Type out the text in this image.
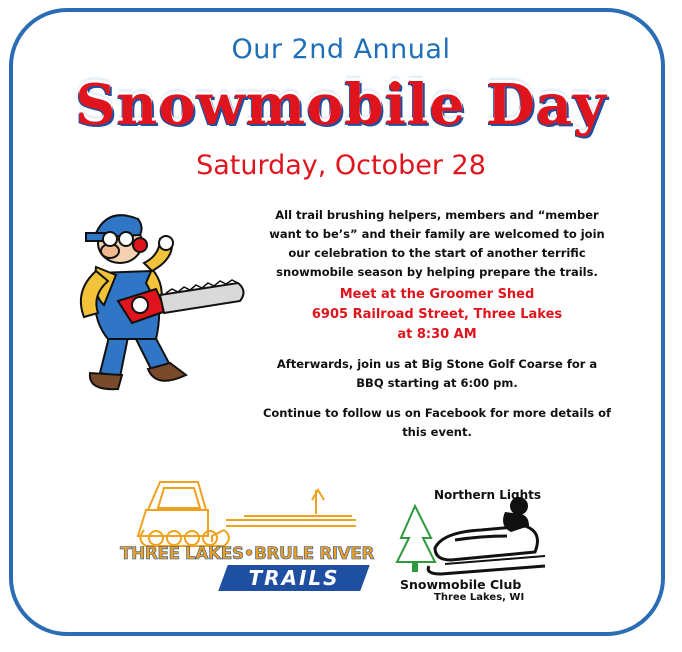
Our 2nd Annual
Snowmobile Day
Saturday, October 28
All trail brushing helpers, members and “member want to be’s” and their family are welcomed to join our celebration to the start of another terrific snowmobile season by helping prepare the trails.
Meet at the Groomer Shed
6905 Railroad Street, Three Lakes
at 8:30 AM
Afterwards, join us at Big Stone Golf Coarse for a BBQ starting at 6:00 pm.
Continue to follow us on Facebook for more details of this event.
THREE LAKES•BRULE RIVER
TRAILS
Northern Lights
Snowmobile Club
Three Lakes, WI
